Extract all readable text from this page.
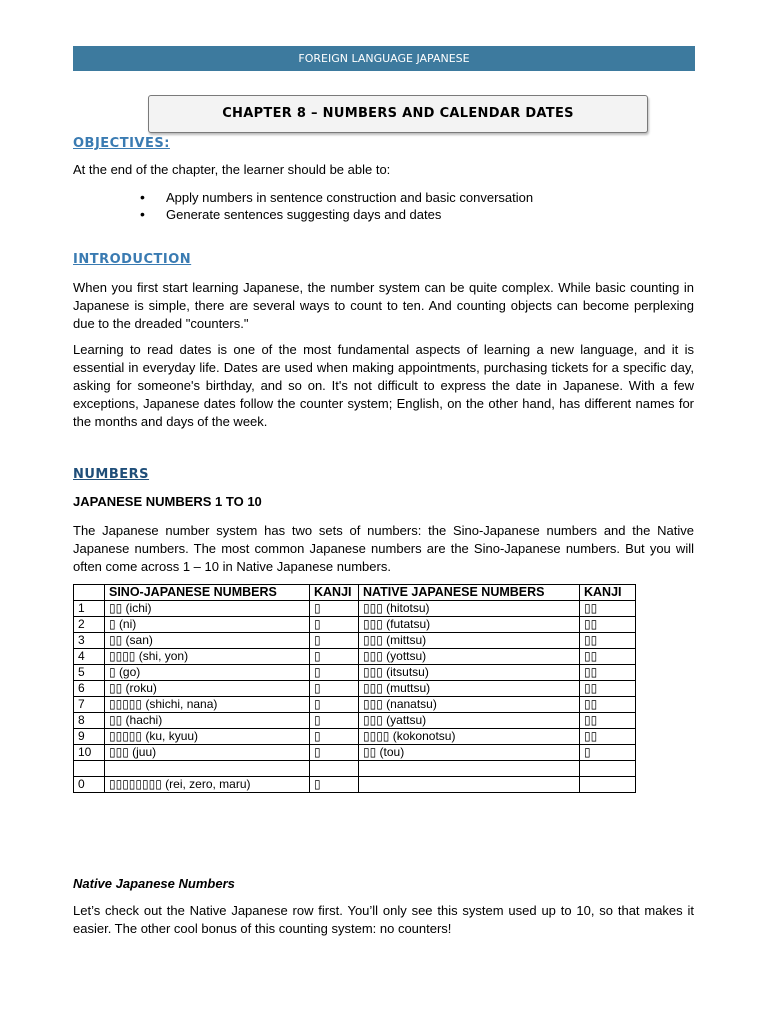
FOREIGN LANGUAGE JAPANESE
CHAPTER 8 – NUMBERS AND CALENDAR DATES
OBJECTIVES:
At the end of the chapter, the learner should be able to:
• Apply numbers in sentence construction and basic conversation
• Generate sentences suggesting days and dates
INTRODUCTION
When you first start learning Japanese, the number system can be quite complex. While basic counting in Japanese is simple, there are several ways to count to ten. And counting objects can become perplexing due to the dreaded "counters."
Learning to read dates is one of the most fundamental aspects of learning a new language, and it is essential in everyday life. Dates are used when making appointments, purchasing tickets for a specific day, asking for someone's birthday, and so on. It's not difficult to express the date in Japanese. With a few exceptions, Japanese dates follow the counter system; English, on the other hand, has different names for the months and days of the week.
NUMBERS
JAPANESE NUMBERS 1 TO 10
The Japanese number system has two sets of numbers: the Sino-Japanese numbers and the Native Japanese numbers. The most common Japanese numbers are the Sino-Japanese numbers. But you will often come across 1 – 10 in Native Japanese numbers.
	SINO-JAPANESE NUMBERS	KANJI	NATIVE JAPANESE NUMBERS	KANJI
1	▯▯ (ichi)	▯	▯▯▯ (hitotsu)	▯▯
2	▯ (ni)	▯	▯▯▯ (futatsu)	▯▯
3	▯▯ (san)	▯	▯▯▯ (mittsu)	▯▯
4	▯▯▯▯ (shi, yon)	▯	▯▯▯ (yottsu)	▯▯
5	▯ (go)	▯	▯▯▯ (itsutsu)	▯▯
6	▯▯ (roku)	▯	▯▯▯ (muttsu)	▯▯
7	▯▯▯▯▯ (shichi, nana)	▯	▯▯▯ (nanatsu)	▯▯
8	▯▯ (hachi)	▯	▯▯▯ (yattsu)	▯▯
9	▯▯▯▯▯ (ku, kyuu)	▯	▯▯▯▯ (kokonotsu)	▯▯
10	▯▯▯ (juu)	▯	▯▯ (tou)	▯

0	▯▯▯▯▯▯▯▯ (rei, zero, maru)	▯		
Native Japanese Numbers
Let’s check out the Native Japanese row first. You’ll only see this system used up to 10, so that makes it easier. The other cool bonus of this counting system: no counters!
